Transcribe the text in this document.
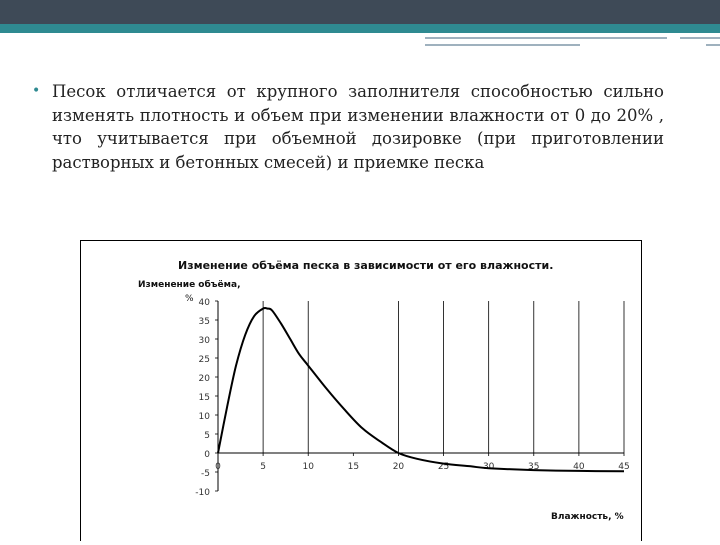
• Песок отличается от крупного заполнителя способностью сильно изменять плотность и объем при изменении влажности от 0 до 20% , что учитывается при объемной дозировке (при приготовлении растворных и бетонных смесей) и приемке песка

Изменение объёма песка в зависимости от его влажности.
Изменение объёма,
%
Влажность, %
40
35
30
25
20
15
10
5
0
-5
-10
0	5	10	15	20	25	30	35	40	45
